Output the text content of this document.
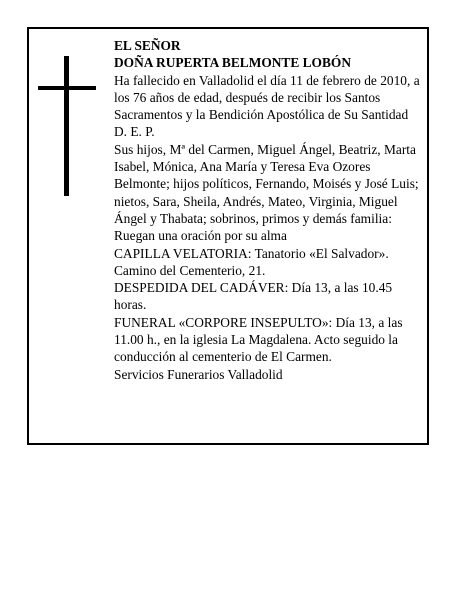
EL SEÑOR

DOÑA RUPERTA BELMONTE LOBÓN

Ha fallecido en Valladolid el día 11 de febrero de 2010, a los 76 años de edad, después de recibir los Santos Sacramentos y la Bendición Apostólica de Su Santidad

D. E. P.

Sus hijos, Mª del Carmen, Miguel Ángel, Beatriz, Marta Isabel, Mónica, Ana María y Teresa Eva Ozores Belmonte; hijos políticos, Fernando, Moisés y José Luis; nietos, Sara, Sheila, Andrés, Mateo, Virginia, Miguel Ángel y Thabata; sobrinos, primos y demás familia:

Ruegan una oración por su alma

CAPILLA VELATORIA: Tanatorio «El Salvador». Camino del Cementerio, 21.

DESPEDIDA DEL CADÁVER: Día 13, a las 10.45 horas.

FUNERAL «CORPORE INSEPULTO»: Día 13, a las 11.00 h., en la iglesia La Magdalena. Acto seguido la conducción al cementerio de El Carmen.

Servicios Funerarios Valladolid
